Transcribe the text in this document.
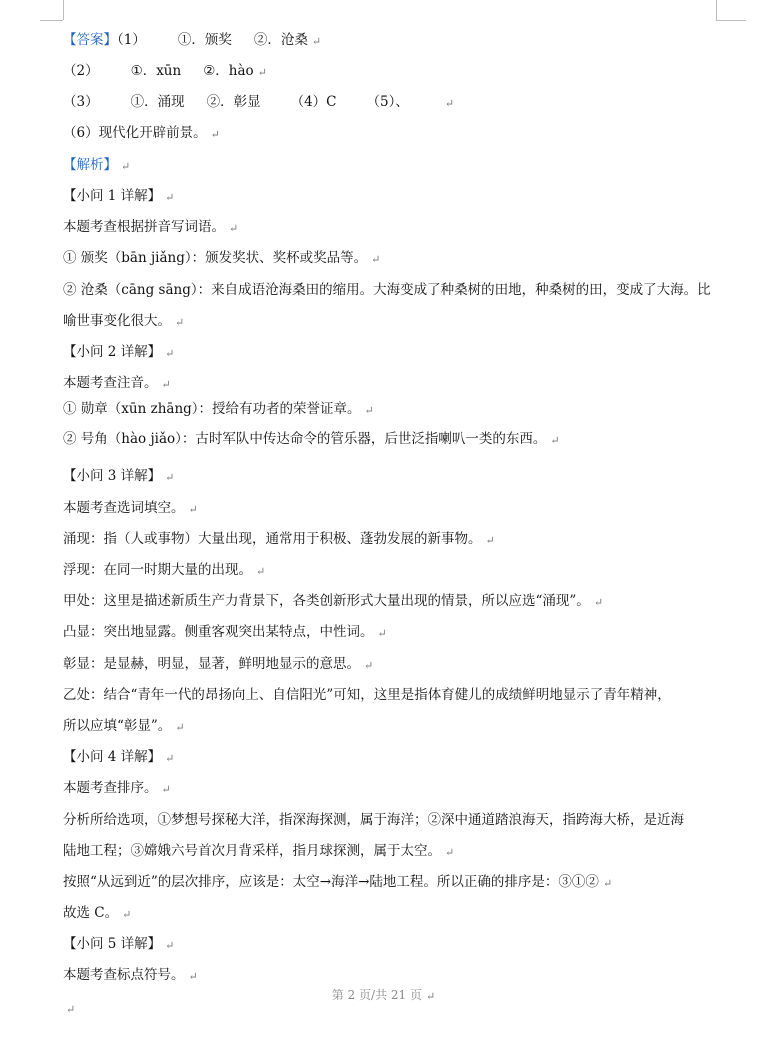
【答案】（1） ①．颁奖 ②．沧桑 ↵
（2） ①．xūn ②．hào ↵
（3） ①．涌现 ②．彰显 （4）C （5）、	↵
（6）现代化开辟前景。 ↵
【解析】 ↵
【小问 1 详解】 ↵
本题考查根据拼音写词语。 ↵
① 颁奖（bān jiǎng）：颁发奖状、奖杯或奖品等。 ↵
② 沧桑（cāng sāng）：来自成语沧海桑田的缩用。大海变成了种桑树的田地，种桑树的田，变成了大海。比
喻世事变化很大。 ↵
【小问 2 详解】 ↵
本题考查注音。 ↵
① 勋章（xūn zhāng）：授给有功者的荣誉证章。 ↵
② 号角（hào jiǎo）：古时军队中传达命令的管乐器，后世泛指喇叭一类的东西。 ↵
【小问 3 详解】 ↵
本题考查选词填空。 ↵
涌现：指（人或事物）大量出现，通常用于积极、蓬勃发展的新事物。 ↵
浮现：在同一时期大量的出现。 ↵
甲处：这里是描述新质生产力背景下，各类创新形式大量出现的情景，所以应选“涌现”。 ↵
凸显：突出地显露。侧重客观突出某特点，中性词。 ↵
彰显：是显赫，明显，显著，鲜明地显示的意思。 ↵
乙处：结合“青年一代的昂扬向上、自信阳光”可知，这里是指体育健儿的成绩鲜明地显示了青年精神，
所以应填“彰显”。 ↵
【小问 4 详解】 ↵
本题考查排序。 ↵
分析所给选项，①梦想号探秘大洋，指深海探测，属于海洋；②深中通道踏浪海天，指跨海大桥，是近海
陆地工程；③嫦娥六号首次月背采样，指月球探测，属于太空。 ↵
按照“从远到近”的层次排序，应该是：太空→海洋→陆地工程。所以正确的排序是：③①② ↵
故选 C。 ↵
【小问 5 详解】 ↵
本题考查标点符号。 ↵
第 2 页/共 21 页 ↵
↵
